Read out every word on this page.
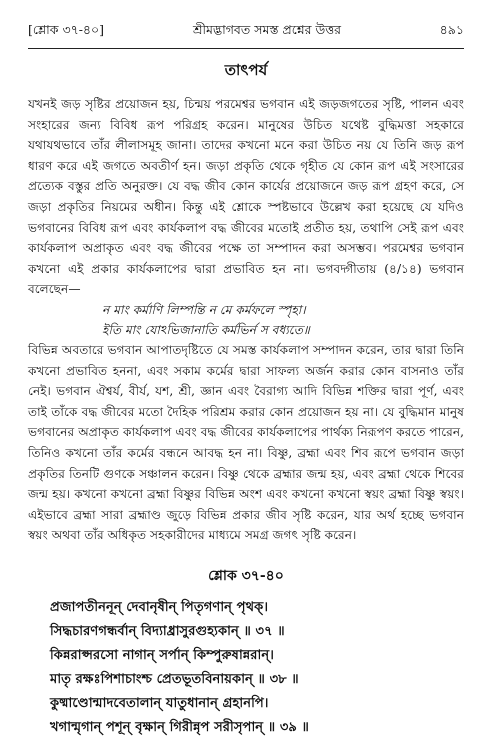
[শ্লোক ৩৭-৪০]	শ্রীমদ্ভাগবত সমস্ত প্রশ্নের উত্তর	৪৯১
তাৎপর্য

যখনই জড় সৃষ্টির প্রয়োজন হয়, চিন্ময় পরমেশ্বর ভগবান এই জড়জগতের সৃষ্টি, পালন এবং সংহারের জন্য বিবিধ রূপ পরিগ্রহ করেন। মানুষের উচিত যথেষ্ট বুদ্ধিমত্তা সহকারে যথাযথভাবে তাঁর লীলাসমূহ জানা। তাদের কখনো মনে করা উচিত নয় যে তিনি জড় রূপ ধারণ করে এই জগতে অবতীর্ণ হন। জড়া প্রকৃতি থেকে গৃহীত যে কোন রূপ এই সংসারের প্রত্যেক বস্তুর প্রতি অনুরক্ত। যে বদ্ধ জীব কোন কার্যের প্রয়োজনে জড় রূপ গ্রহণ করে, সে জড়া প্রকৃতির নিয়মের অধীন। কিন্তু এই শ্লোকে স্পষ্টভাবে উল্লেখ করা হয়েছে যে যদিও ভগবানের বিবিধ রূপ এবং কার্যকলাপ বদ্ধ জীবের মতোই প্রতীত হয়, তথাপি সেই রূপ এবং কার্যকলাপ অপ্রাকৃত এবং বদ্ধ জীবের পক্ষে তা সম্পাদন করা অসম্ভব। পরমেশ্বর ভগবান কখনো এই প্রকার কার্যকলাপের দ্বারা প্রভাবিত হন না। ভগবদ্গীতায় (৪/১৪) ভগবান বলেছেন—

ন মাং কর্মাণি লিম্পন্তি ন মে কর্মফলে স্পৃহা।
ইতি মাং যোঽভিজানাতি কর্মভির্ন স বধ্যতে॥

বিভিন্ন অবতারে ভগবান আপাতদৃষ্টিতে যে সমস্ত কার্যকলাপ সম্পাদন করেন, তার দ্বারা তিনি কখনো প্রভাবিত হননা, এবং সকাম কর্মের দ্বারা সাফল্য অর্জন করার কোন বাসনাও তাঁর নেই। ভগবান ঐশ্বর্য, বীর্য, যশ, শ্রী, জ্ঞান এবং বৈরাগ্য আদি বিভিন্ন শক্তির দ্বারা পূর্ণ, এবং তাই তাঁকে বদ্ধ জীবের মতো দৈহিক পরিশ্রম করার কোন প্রয়োজন হয় না। যে বুদ্ধিমান মানুষ ভগবানের অপ্রাকৃত কার্যকলাপ এবং বদ্ধ জীবের কার্যকলাপের পার্থক্য নিরূপণ করতে পারেন, তিনিও কখনো তাঁর কর্মের বন্ধনে আবদ্ধ হন না। বিষ্ণু, ব্রহ্মা এবং শিব রূপে ভগবান জড়া প্রকৃতির তিনটি গুণকে সঞ্চালন করেন। বিষ্ণু থেকে ব্রহ্মার জন্ম হয়, এবং ব্রহ্মা থেকে শিবের জন্ম হয়। কখনো কখনো ব্রহ্মা বিষ্ণুর বিভিন্ন অংশ এবং কখনো কখনো স্বয়ং ব্রহ্মা বিষ্ণু স্বয়ং। এইভাবে ব্রহ্মা সারা ব্রহ্মাণ্ড জুড়ে বিভিন্ন প্রকার জীব সৃষ্টি করেন, যার অর্থ হচ্ছে ভগবান স্বয়ং অথবা তাঁর অধিকৃত সহকারীদের মাধ্যমে সমগ্র জগৎ সৃষ্টি করেন।

শ্লোক ৩৭-৪০
প্রজাপতীননূন্ দেবানৃষীন্ পিতৃগণান্ পৃথক্।
সিদ্ধচারণগন্ধর্বান্ বিদ্যাধ্রাসুরগুহ্যকান্ ॥ ৩৭ ॥
কিন্নরাপ্সরসো নাগান্ সর্পান্ কিম্পুরুষান্নরান্।
মাতৃ রক্ষঃপিশাচাংশ্চ প্রেতভূতবিনায়কান্ ॥ ৩৮ ॥
কুষ্মাণ্ডোন্মাদবেতালান্ যাতুধানান্ গ্রহানপি।
খগান্মৃগান্ পশূন্ বৃক্ষান্ গিরীন্নৃপ সরীসৃপান্ ॥ ৩৯ ॥
